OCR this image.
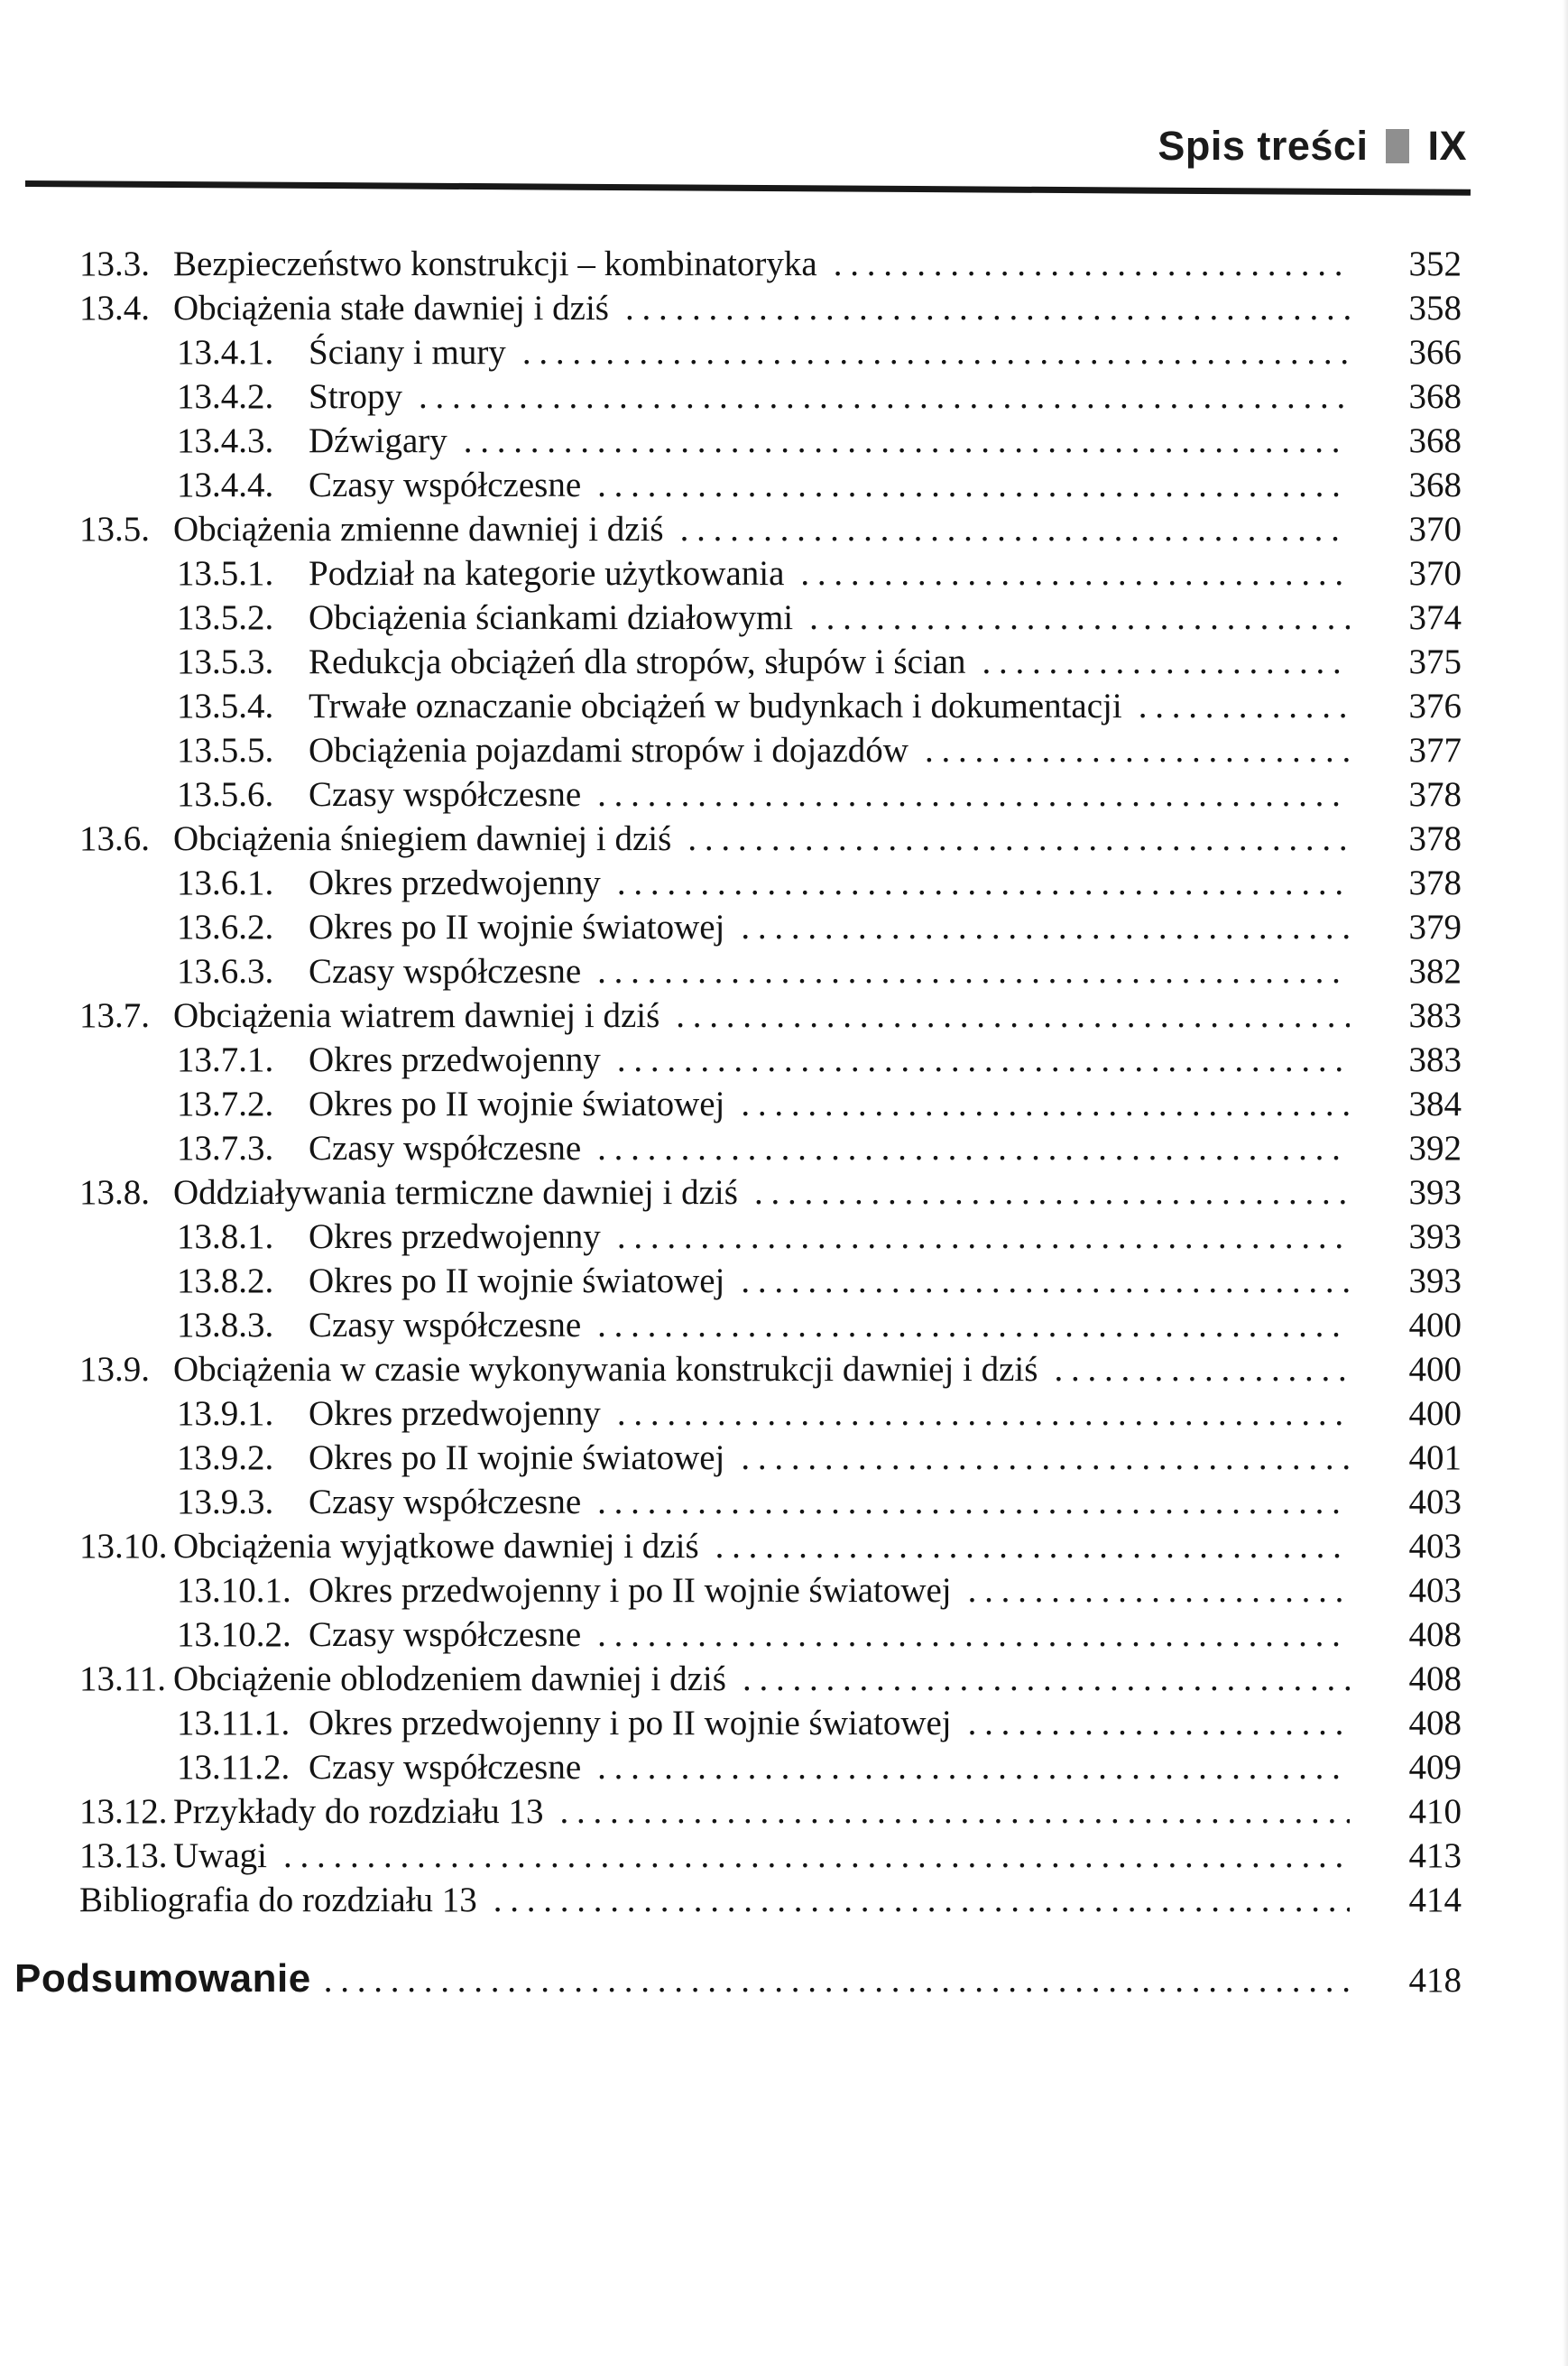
Spis treści IX
13.3. Bezpieczeństwo konstrukcji – kombinatoryka . . .	352
13.4. Obciążenia stałe dawniej i dziś . . .	358
13.4.1. Ściany i mury . . .	366
13.4.2. Stropy . . .	368
13.4.3. Dźwigary . . .	368
13.4.4. Czasy współczesne . . .	368
13.5. Obciążenia zmienne dawniej i dziś . . .	370
13.5.1. Podział na kategorie użytkowania . . .	370
13.5.2. Obciążenia ściankami działowymi . . .	374
13.5.3. Redukcja obciążeń dla stropów, słupów i ścian . . .	375
13.5.4. Trwałe oznaczanie obciążeń w budynkach i dokumentacji . . .	376
13.5.5. Obciążenia pojazdami stropów i dojazdów . . .	377
13.5.6. Czasy współczesne . . .	378
13.6. Obciążenia śniegiem dawniej i dziś . . .	378
13.6.1. Okres przedwojenny . . .	378
13.6.2. Okres po II wojnie światowej . . .	379
13.6.3. Czasy współczesne . . .	382
13.7. Obciążenia wiatrem dawniej i dziś . . .	383
13.7.1. Okres przedwojenny . . .	383
13.7.2. Okres po II wojnie światowej . . .	384
13.7.3. Czasy współczesne . . .	392
13.8. Oddziaływania termiczne dawniej i dziś . . .	393
13.8.1. Okres przedwojenny . . .	393
13.8.2. Okres po II wojnie światowej . . .	393
13.8.3. Czasy współczesne . . .	400
13.9. Obciążenia w czasie wykonywania konstrukcji dawniej i dziś . . .	400
13.9.1. Okres przedwojenny . . .	400
13.9.2. Okres po II wojnie światowej . . .	401
13.9.3. Czasy współczesne . . .	403
13.10. Obciążenia wyjątkowe dawniej i dziś . . .	403
13.10.1. Okres przedwojenny i po II wojnie światowej . . .	403
13.10.2. Czasy współczesne . . .	408
13.11. Obciążenie oblodzeniem dawniej i dziś . . .	408
13.11.1. Okres przedwojenny i po II wojnie światowej . . .	408
13.11.2. Czasy współczesne . . .	409
13.12. Przykłady do rozdziału 13 . . .	410
13.13. Uwagi . . .	413
Bibliografia do rozdziału 13 . . .	414
Podsumowanie . . .	418
